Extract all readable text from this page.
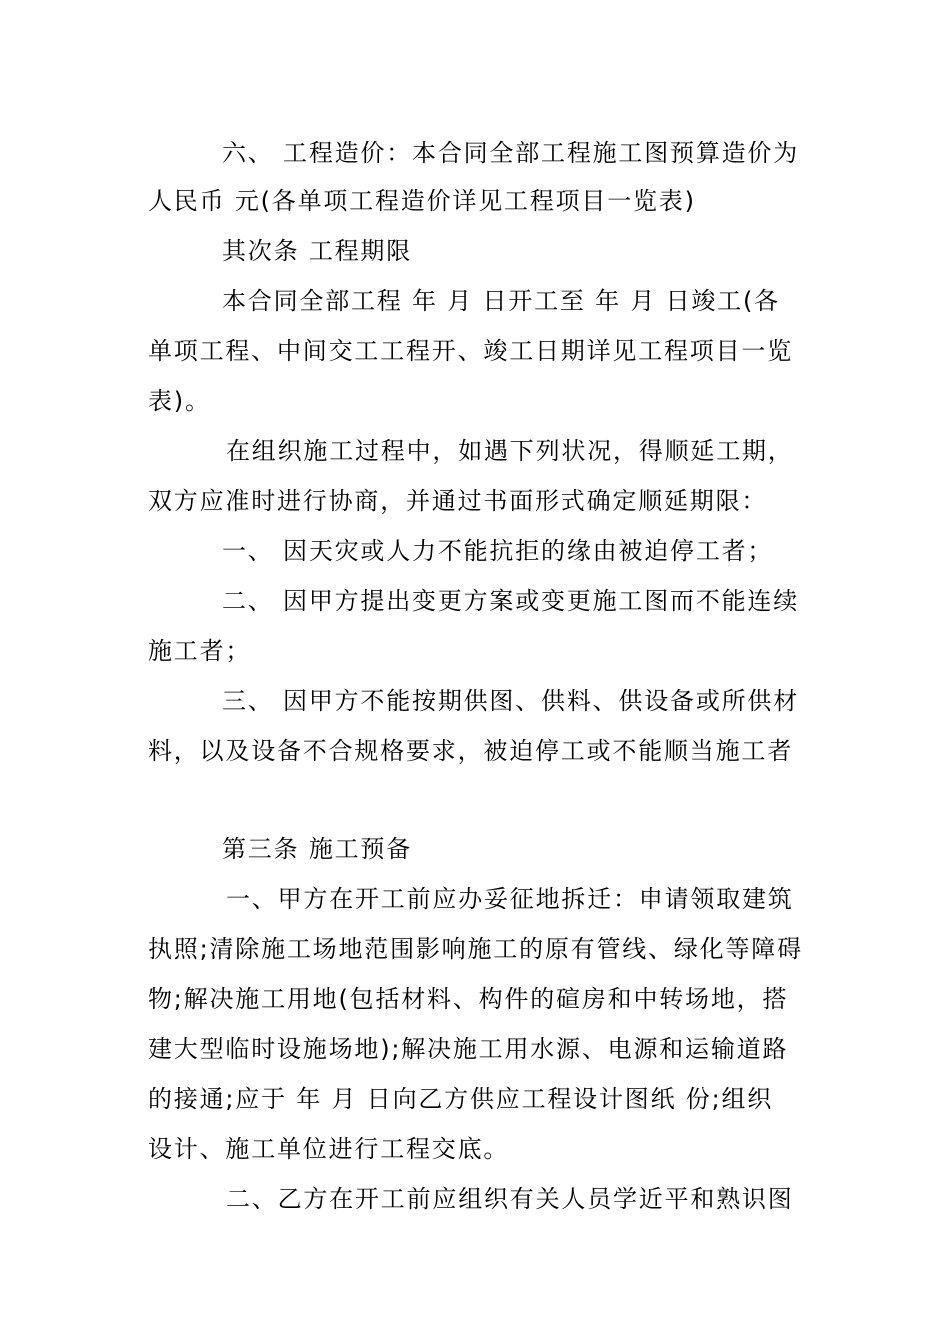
六、 工程造价：本合同全部工程施工图预算造价为
人民币 元(各单项工程造价详见工程项目一览表)
其次条 工程期限
本合同全部工程 年 月 日开工至 年 月 日竣工(各
单项工程、中间交工工程开、竣工日期详见工程项目一览
表)。
在组织施工过程中，如遇下列状况，得顺延工期，
双方应准时进行协商，并通过书面形式确定顺延期限：
一、 因天灾或人力不能抗拒的缘由被迫停工者；
二、 因甲方提出变更方案或变更施工图而不能连续
施工者；
三、 因甲方不能按期供图、供料、供设备或所供材
料，以及设备不合规格要求，被迫停工或不能顺当施工者
第三条 施工预备
一、甲方在开工前应办妥征地拆迁：申请领取建筑
执照;清除施工场地范围影响施工的原有管线、绿化等障碍
物;解决施工用地(包括材料、构件的碹房和中转场地，搭
建大型临时设施场地);解决施工用水源、电源和运输道路
的接通;应于 年 月 日向乙方供应工程设计图纸 份;组织
设计、施工单位进行工程交底。
二、乙方在开工前应组织有关人员学近平和熟识图
